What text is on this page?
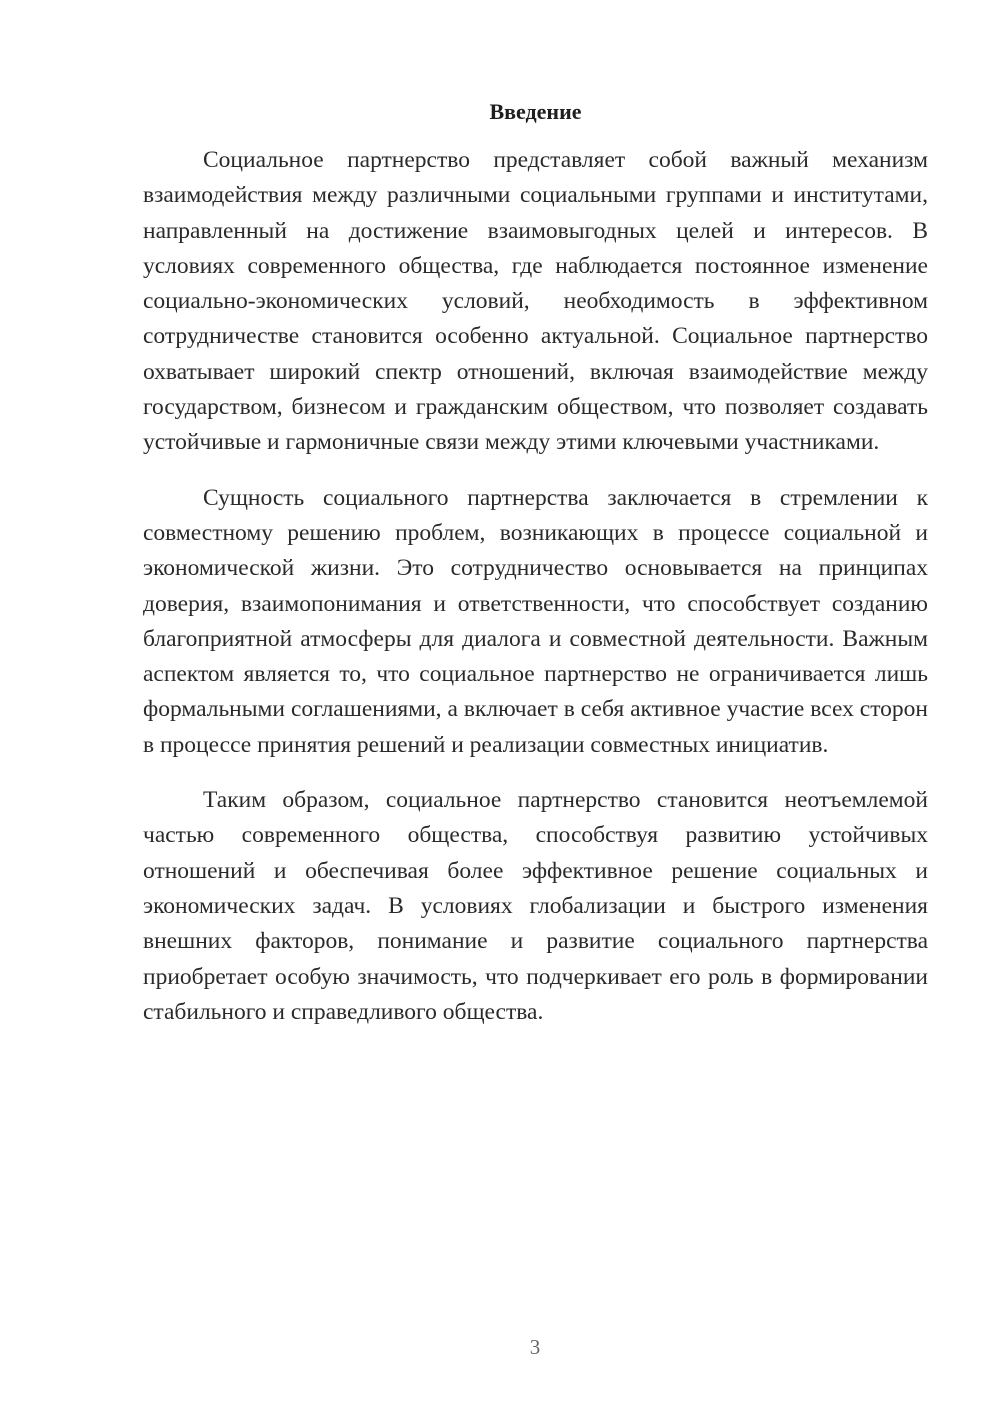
Введение

Социальное партнерство представляет собой важный механизм взаимодействия между различными социальными группами и институтами, направленный на достижение взаимовыгодных целей и интересов. В условиях современного общества, где наблюдается постоянное изменение социально-экономических условий, необходимость в эффективном сотрудничестве становится особенно актуальной. Социальное партнерство охватывает широкий спектр отношений, включая взаимодействие между государством, бизнесом и гражданским обществом, что позволяет создавать устойчивые и гармоничные связи между этими ключевыми участниками.

Сущность социального партнерства заключается в стремлении к совместному решению проблем, возникающих в процессе социальной и экономической жизни. Это сотрудничество основывается на принципах доверия, взаимопонимания и ответственности, что способствует созданию благоприятной атмосферы для диалога и совместной деятельности. Важным аспектом является то, что социальное партнерство не ограничивается лишь формальными соглашениями, а включает в себя активное участие всех сторон в процессе принятия решений и реализации совместных инициатив.

Таким образом, социальное партнерство становится неотъемлемой частью современного общества, способствуя развитию устойчивых отношений и обеспечивая более эффективное решение социальных и экономических задач. В условиях глобализации и быстрого изменения внешних факторов, понимание и развитие социального партнерства приобретает особую значимость, что подчеркивает его роль в формировании стабильного и справедливого общества.

3
